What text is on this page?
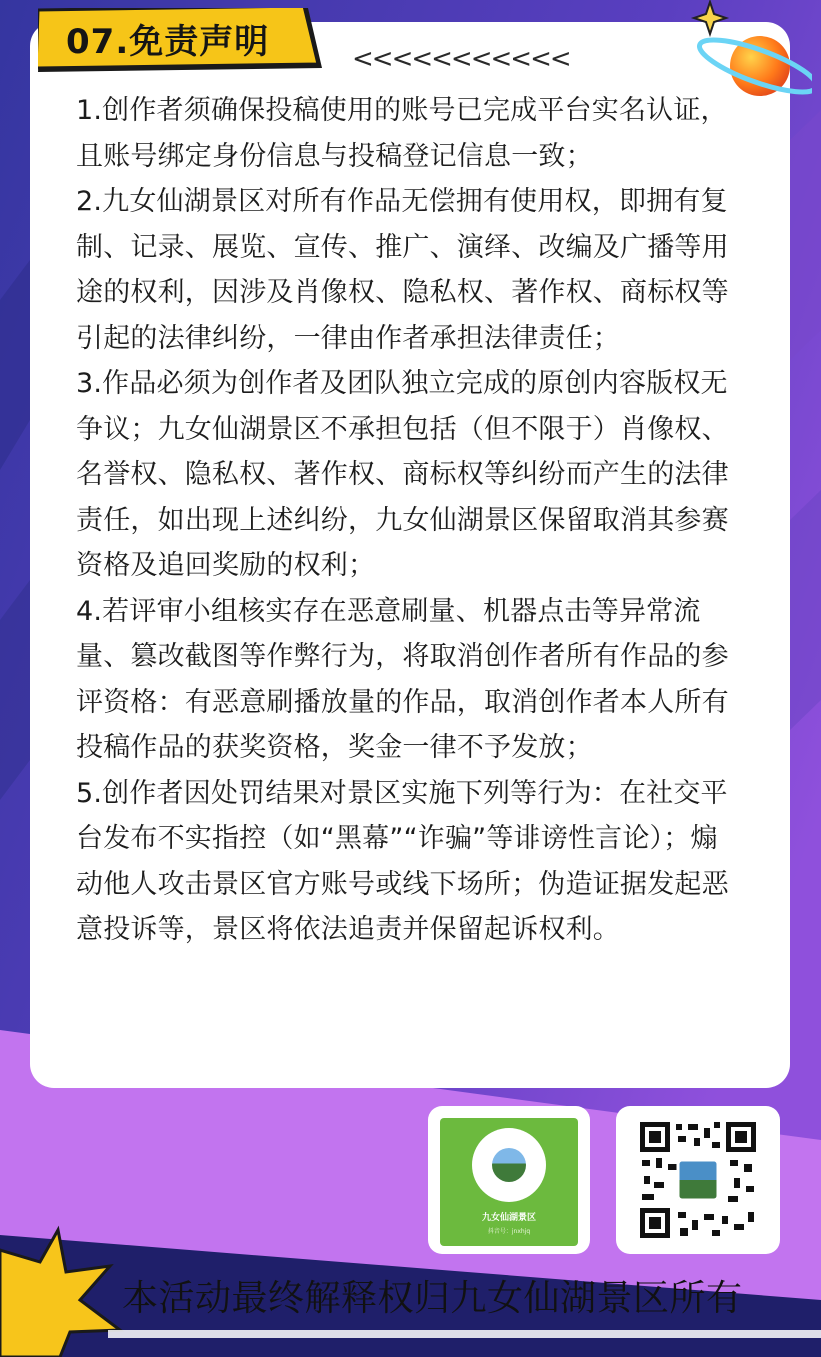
07.免责声明	<<<<<<<<<<<

1.创作者须确保投稿使用的账号已完成平台实名认证，且账号绑定身份信息与投稿登记信息一致；

2.九女仙湖景区对所有作品无偿拥有使用权，即拥有复制、记录、展览、宣传、推广、演绎、改编及广播等用途的权利，因涉及肖像权、隐私权、著作权、商标权等引起的法律纠纷，一律由作者承担法律责任；

3.作品必须为创作者及团队独立完成的原创内容版权无争议；九女仙湖景区不承担包括（但不限于）肖像权、名誉权、隐私权、著作权、商标权等纠纷而产生的法律责任，如出现上述纠纷，九女仙湖景区保留取消其参赛资格及追回奖励的权利；

4.若评审小组核实存在恶意刷量、机器点击等异常流量、篡改截图等作弊行为，将取消创作者所有作品的参评资格：有恶意刷播放量的作品，取消创作者本人所有投稿作品的获奖资格，奖金一律不予发放；

5.创作者因处罚结果对景区实施下列等行为：在社交平台发布不实指控（如“黑幕”“诈骗”等诽谤性言论）；煽动他人攻击景区官方账号或线下场所；伪造证据发起恶意投诉等，景区将依法追责并保留起诉权利。

九女仙湖景区
抖音号：jnxhjq
本活动最终解释权归九女仙湖景区所有
